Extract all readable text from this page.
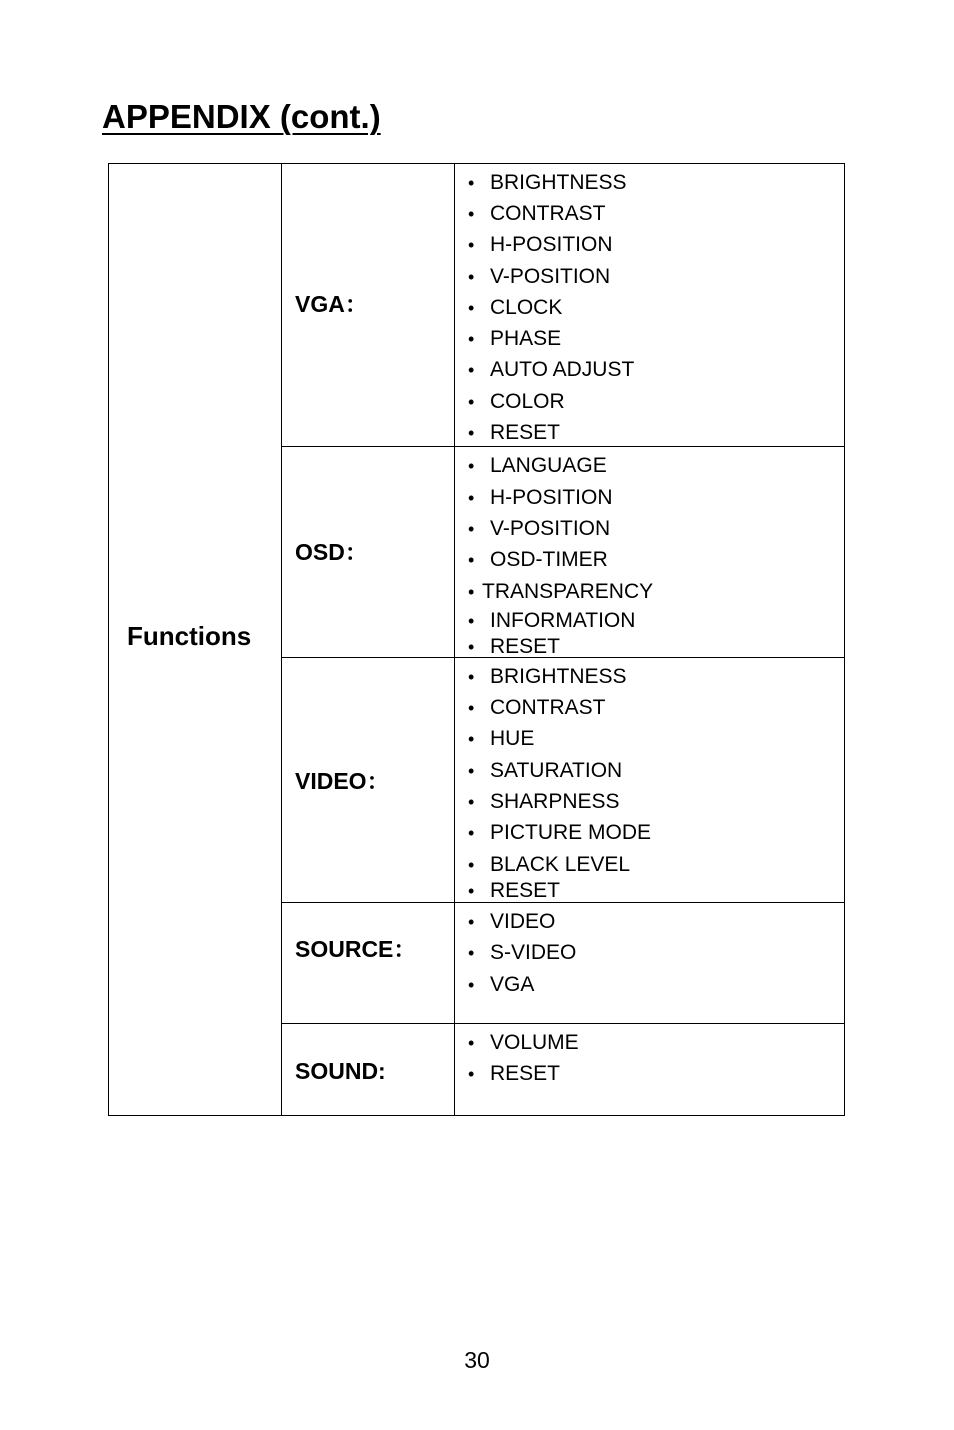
APPENDIX (cont.)
Functions
VGA：
• BRIGHTNESS
• CONTRAST
• H-POSITION
• V-POSITION
• CLOCK
• PHASE
• AUTO ADJUST
• COLOR
• RESET
OSD：
• LANGUAGE
• H-POSITION
• V-POSITION
• OSD-TIMER
• TRANSPARENCY
• INFORMATION
• RESET
VIDEO：
• BRIGHTNESS
• CONTRAST
• HUE
• SATURATION
• SHARPNESS
• PICTURE MODE
• BLACK LEVEL
• RESET
SOURCE：
• VIDEO
• S-VIDEO
• VGA
SOUND:
• VOLUME
• RESET
30
